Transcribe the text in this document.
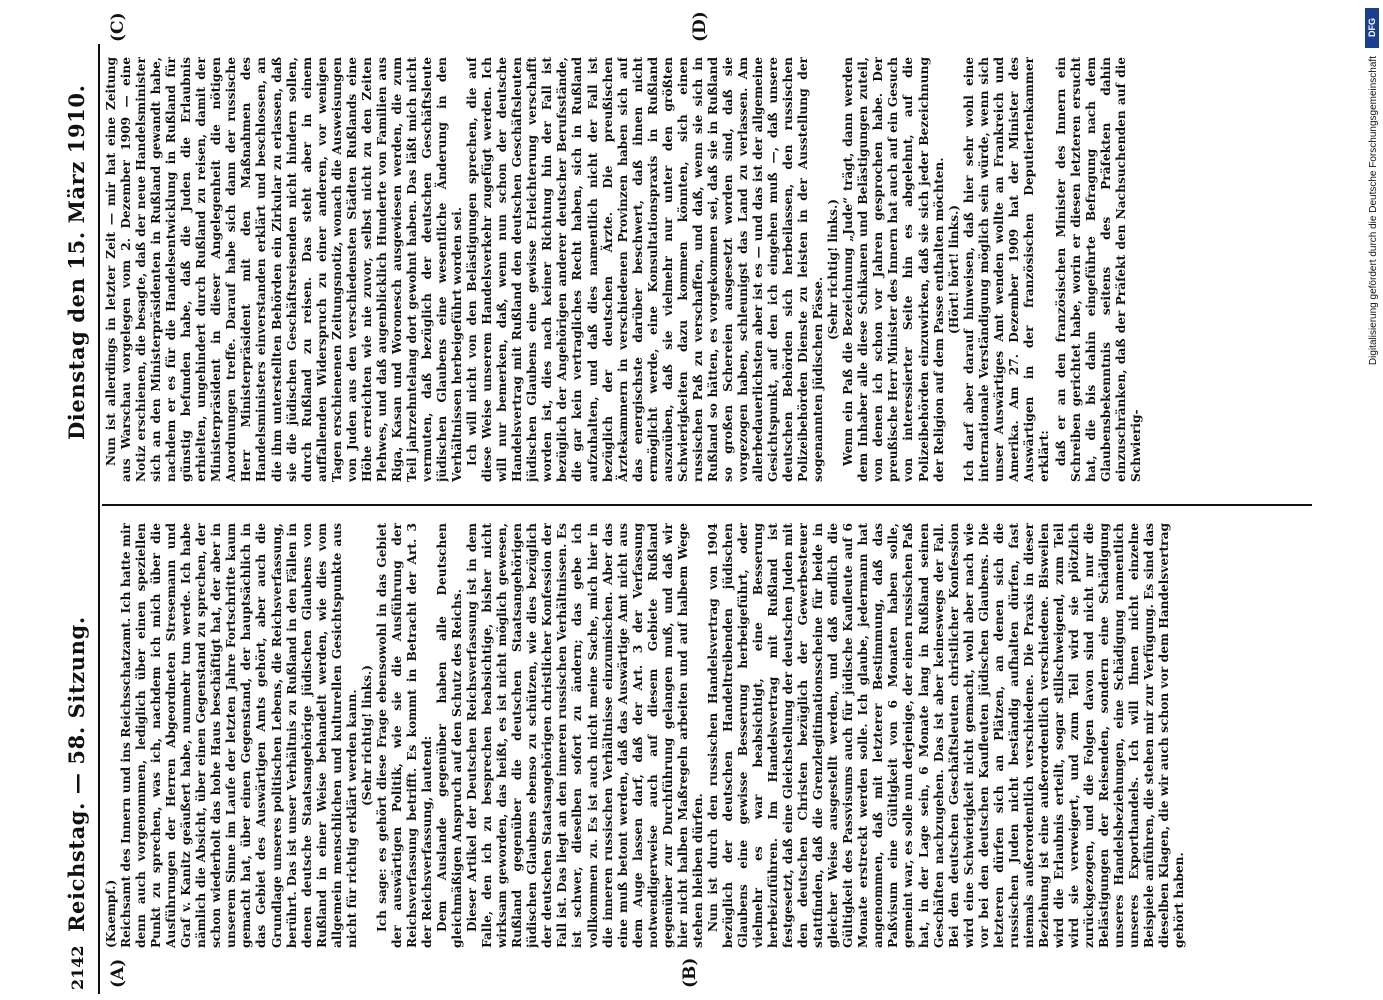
2142
Reichstag. — 58. Sitzung.
Dienstag den 15. März 1910.
(A)	(B)
(C)	(D)

(Kaempf.) Reichsamt des Innern und ins Reichsschatzamt. Ich hatte mir denn auch vorgenommen, lediglich über einen speziellen Punkt zu sprechen, was ich, nachdem ich mich über die Ausführungen der Herren Abgeordneten Stresemann und Graf v. Kanitz geäußert habe, nunmehr tun werde. Ich habe nämlich die Absicht, über einen Gegenstand zu sprechen, der schon wiederholt das hohe Haus beschäftigt hat, der aber in unserem Sinne im Laufe der letzten Jahre Fortschritte kaum gemacht hat, über einen Gegenstand, der hauptsächlich in das Gebiet des Auswärtigen Amts gehört, aber auch die Grundlage unseres politischen Lebens, die Reichsverfassung, berührt. Das ist unser Verhältnis zu Rußland in den Fällen in denen deutsche Staatsangehörige jüdischen Glaubens von Rußland in einer Weise behandelt werden, wie dies vom allgemein menschlichen und kulturellen Gesichtspunkte aus nicht für richtig erklärt werden kann. (Sehr richtig! links.) Ich sage: es gehört diese Frage ebensowohl in das Gebiet der auswärtigen Politik, wie sie die Ausführung der Reichsverfassung betrifft. Es kommt in Betracht der Art. 3 der Reichsverfassung, lautend: Dem Auslande gegenüber haben alle Deutschen gleichmäßigen Anspruch auf den Schutz des Reichs. Dieser Artikel der Deutschen Reichsverfassung ist in dem Falle, den ich zu besprechen beabsichtige, bisher nicht wirksam geworden, das heißt, es ist nicht möglich gewesen, Rußland gegenüber die deutschen Staatsangehörigen jüdischen Glaubens ebenso zu schützen, wie dies bezüglich der deutschen Staatsangehörigen christlicher Konfession der Fall ist. Das liegt an den inneren russischen Verhältnissen. Es ist schwer, dieselben sofort zu ändern; das gebe ich vollkommen zu. Es ist auch nicht meine Sache, mich hier in die inneren russischen Verhältnisse einzumischen. Aber das eine muß betont werden, daß das Auswärtige Amt nicht aus dem Auge lassen darf, daß der Art. 3 der Verfassung notwendigerweise auch auf diesem Gebiete Rußland gegenüber zur Durchführung gelangen muß, und daß wir hier nicht halben Maßregeln arbeiten und auf halbem Wege stehen bleiben dürfen. Nun ist durch den russischen Handelsvertrag von 1904 bezüglich der deutschen Handeltreibenden jüdischen Glaubens eine gewisse Besserung herbeigeführt, oder vielmehr es war beabsichtigt, eine Besserung herbeizuführen. Im Handelsvertrag mit Rußland ist festgesetzt, daß eine Gleichstellung der deutschen Juden mit den deutschen Christen bezüglich der Gewerbesteuer stattfinden, daß die Grenzlegitimationsscheine für beide in gleicher Weise ausgestellt werden, und daß endlich die Gültigkeit des Passvisums auch für jüdische Kaufleute auf 6 Monate erstreckt werden solle. Ich glaube, jedermann hat angenommen, daß mit letzterer Bestimmung, daß das Paßvisum eine Gültigkeit von 6 Monaten haben solle, gemeint war, es solle nun derjenige, der einen russischen Paß hat, in der Lage sein, 6 Monate lang in Rußland seinen Geschäften nachzugehen. Das ist aber keineswegs der Fall. Bei den deutschen Geschäftsleuten christlicher Konfession wird eine Schwierigkeit nicht gemacht, wohl aber nach wie vor bei den deutschen Kaufleuten jüdischen Glaubens. Die letzteren dürfen sich an Plätzen, an denen sich die russischen Juden nicht beständig aufhalten dürfen, fast niemals außerordentlich verschiedene. Die Praxis in dieser Beziehung ist eine außerordentlich verschiedene. Bisweilen wird die Erlaubnis erteilt, sogar stillschweigend, zum Teil wird sie verweigert, und zum Teil wird sie plötzlich zurückgezogen, und die Folgen davon sind nicht nur die Belästigungen der Reisenden, sondern eine Schädigung unseres Handelsbeziehungen, eine Schädigung namentlich unseres Exporthandels. Ich will Ihnen nicht einzelne Beispiele anführen, die stehen mir zur Verfügung. Es sind das dieselben Klagen, die wir auch schon vor dem Handelsvertrag gehört haben.

Nun ist allerdings in letzter Zeit — mir hat eine Zeitung aus Warschau vorgelegen vom 2. Dezember 1909 — eine Notiz erschienen, die besagte, daß der neue Handelsminister sich an den Ministerpräsidenten in Rußland gewandt habe, nachdem er es für die Handelsentwicklung in Rußland für günstig befunden habe, daß die Juden die Erlaubnis erhielten, ungehindert durch Rußland zu reisen, damit der Ministerpräsident in dieser Angelegenheit die nötigen Anordnungen treffe. Darauf habe sich dann der russische Herr Ministerpräsident mit den Maßnahmen des Handelsministers einverstanden erklärt und beschlossen, an die ihm unterstellten Behörden ein Zirkular zu erlassen, daß sie die jüdischen Geschäftsreisenden nicht hindern sollen, durch Rußland zu reisen. Das steht aber in einem auffallenden Widerspruch zu einer anderen, vor wenigen Tagen erschienenen Zeitungsnotiz, wonach die Ausweisungen von Juden aus den verschiedensten Städten Rußlands eine Höhe erreichten wie nie zuvor, selbst nicht zu den Zeiten Plehwes, und daß augenblicklich Hunderte von Familien aus Riga, Kasan und Woronesch ausgewiesen werden, die zum Teil jahrzehntelang dort gewohnt haben. Das läßt mich nicht vermuten, daß bezüglich der deutschen Geschäftsleute jüdischen Glaubens eine wesentliche Änderung in den Verhältnissen herbeigeführt worden sei. Ich will nicht von den Belästigungen sprechen, die auf diese Weise unserem Handelsverkehr zugefügt werden. Ich will nur bemerken, daß, wenn nun schon der deutsche Handelsvertrag mit Rußland den deutschen Geschäftsleuten jüdischen Glaubens eine gewisse Erleichterung verschafft worden ist, dies nach keiner Richtung hin der Fall ist bezüglich der Angehörigen anderer deutscher Berufsstände, die gar kein vertragliches Recht haben, sich in Rußland aufzuhalten, und daß dies namentlich nicht der Fall ist bezüglich der deutschen Ärzte. Die preußischen Ärztekammern in verschiedenen Provinzen haben sich auf das energischste darüber beschwert, daß ihnen nicht ermöglicht werde, eine Konsultationspraxis in Rußland auszuüben, daß sie vielmehr nur unter den größten Schwierigkeiten dazu kommen könnten, sich einen russischen Paß zu verschaffen, und daß, wenn sie sich in Rußland so hätten, es vorgekommen sei, daß sie in Rußland so großen Schereien ausgesetzt worden sind, daß sie vorgezogen haben, schleunigst das Land zu verlassen. Am allerbedauerlichsten aber ist es — und das ist der allgemeine Gesichtspunkt, auf den ich eingehen muß —, daß unsere deutschen Behörden sich herbeilassen, den russischen Polizeibehörden Dienste zu leisten in der Ausstellung der sogenannten jüdischen Pässe.

(Sehr richtig! links.) Wenn ein Paß die Bezeichnung „Jude“ trägt, dann werden dem Inhaber alle diese Schikanen und Belästigungen zuteil, von denen ich schon vor Jahren gesprochen habe. Der preußische Herr Minister des Innern hat auch auf ein Gesuch von interessierter Seite hin es abgelehnt, auf die Polizeibehörden einzuwirken, daß sie sich jeder Bezeichnung der Religion auf dem Passe enthalten möchten. (Hört! hört! links.) Ich darf aber darauf hinweisen, daß hier sehr wohl eine internationale Verständigung möglich sein würde, wenn sich unser Auswärtiges Amt wenden wollte an Frankreich und Amerika. Am 27. Dezember 1909 hat der Minister des Auswärtigen in der französischen Deputiertenkammer erklärt: daß er an den französischen Minister des Innern ein Schreiben gerichtet habe, worin er diesen letzteren ersucht hat, die bis dahin eingeführte Befragung nach dem Glaubensbekenntnis seitens des Präfekten dahin einzuschränken, daß der Präfekt den Nachsuchenden auf die Schwierig-

DFG
Digitalisierung gefördert durch die Deutsche Forschungsgemeinschaft
